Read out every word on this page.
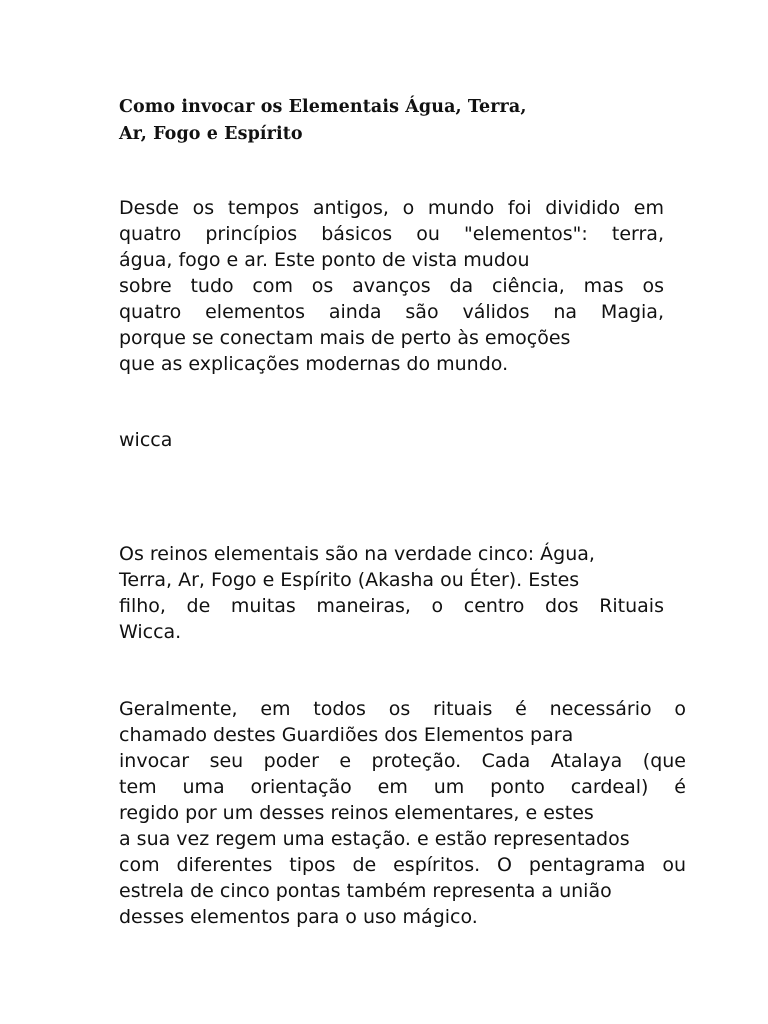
Como invocar os Elementais Água, Terra,
Ar, Fogo e Espírito
Desde os tempos antigos, o mundo foi dividido em
quatro princípios básicos ou "elementos": terra,
água, fogo e ar. Este ponto de vista mudou
sobre tudo com os avanços da ciência, mas os
quatro elementos ainda são válidos na Magia,
porque se conectam mais de perto às emoções
que as explicações modernas do mundo.
wicca
Os reinos elementais são na verdade cinco: Água,
Terra, Ar, Fogo e Espírito (Akasha ou Éter). Estes
filho, de muitas maneiras, o centro dos Rituais
Wicca.
Geralmente, em todos os rituais é necessário o
chamado destes Guardiões dos Elementos para
invocar seu poder e proteção. Cada Atalaya (que
tem uma orientação em um ponto cardeal) é
regido por um desses reinos elementares, e estes
a sua vez regem uma estação. e estão representados
com diferentes tipos de espíritos. O pentagrama ou
estrela de cinco pontas também representa a união
desses elementos para o uso mágico.
